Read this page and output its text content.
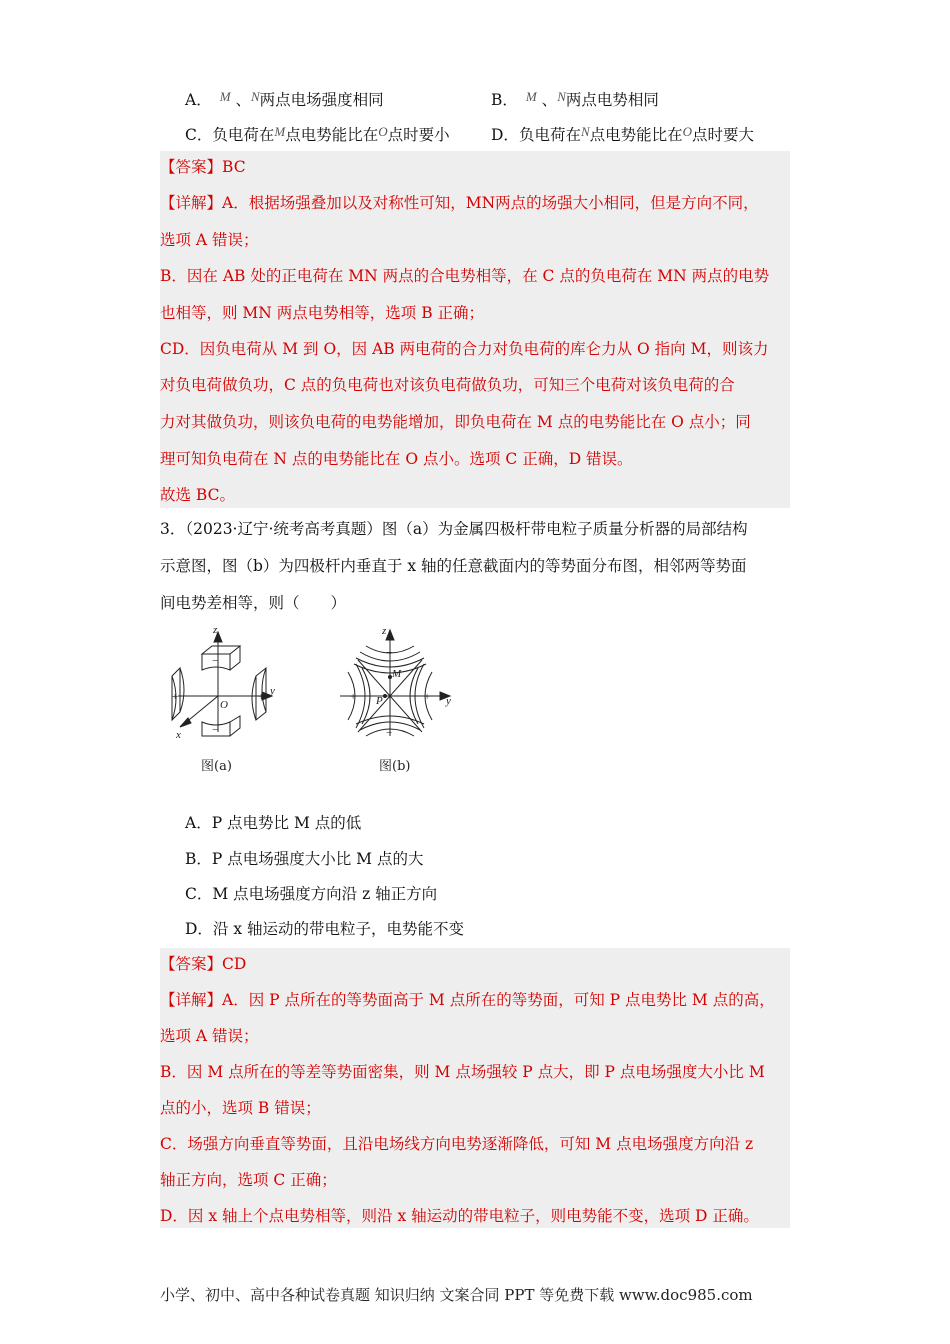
A． $^M$ 、$^N$两点电场强度相同	B． $^M$ 、$^N$两点电势相同
C．负电荷在$^M$点电势能比在$^O$点时要小	D．负电荷在$^N$点电势能比在$^O$点时要大
【答案】BC
【详解】A．根据场强叠加以及对称性可知，MN两点的场强大小相同，但是方向不同，
选项 A 错误；
B．因在 AB 处的正电荷在 MN 两点的合电势相等，在 C 点的负电荷在 MN 两点的电势
也相等，则 MN 两点电势相等，选项 B 正确；
CD．因负电荷从 M 到 O，因 AB 两电荷的合力对负电荷的库仑力从 O 指向 M，则该力
对负电荷做负功，C 点的负电荷也对该负电荷做负功，可知三个电荷对该负电荷的合
力对其做负功，则该负电荷的电势能增加，即负电荷在 M 点的电势能比在 O 点小；同
理可知负电荷在 N 点的电势能比在 O 点小。选项 C 正确，D 错误。
故选 BC。
3．（2023·辽宁·统考高考真题）图（a）为金属四极杆带电粒子质量分析器的局部结构
示意图，图（b）为四极杆内垂直于 x 轴的任意截面内的等势面分布图，相邻两等势面
间电势差相等，则（　　）
z
y
x
O
−
−
+	+
图(a)
z
y
M
P
−
−
+	+
图(b)
A．P 点电势比 M 点的低
B．P 点电场强度大小比 M 点的大
C．M 点电场强度方向沿 z 轴正方向
D．沿 x 轴运动的带电粒子，电势能不变
【答案】CD
【详解】A．因 P 点所在的等势面高于 M 点所在的等势面，可知 P 点电势比 M 点的高，
选项 A 错误；
B．因 M 点所在的等差等势面密集，则 M 点场强较 P 点大，即 P 点电场强度大小比 M
点的小，选项 B 错误；
C．场强方向垂直等势面，且沿电场线方向电势逐渐降低，可知 M 点电场强度方向沿 z
轴正方向，选项 C 正确；
D．因 x 轴上个点电势相等，则沿 x 轴运动的带电粒子，则电势能不变，选项 D 正确。
小学、初中、高中各种试卷真题 知识归纳 文案合同 PPT 等免费下载 www.doc985.com
